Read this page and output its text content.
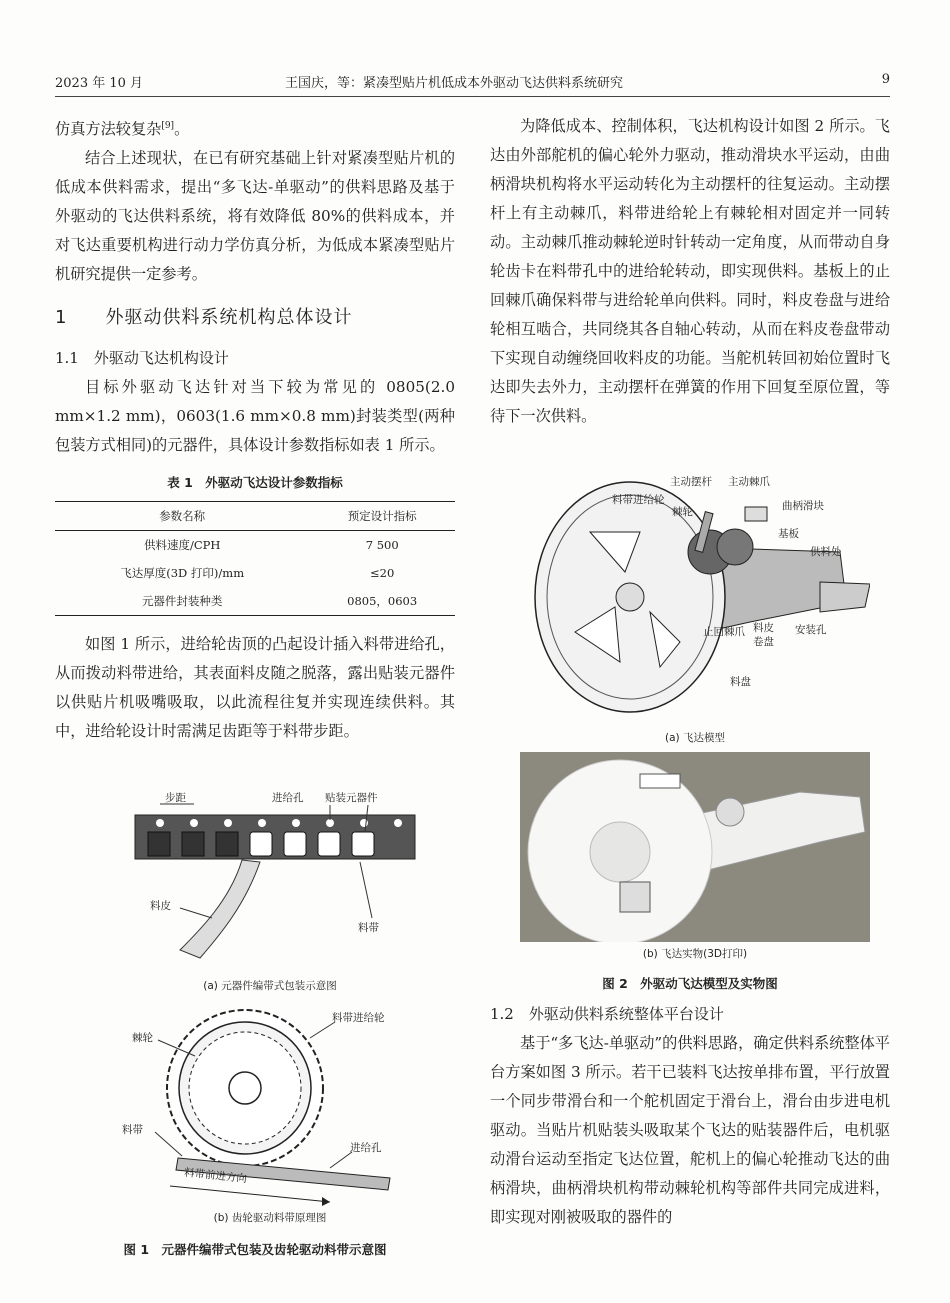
2023 年 10 月	王国庆，等：紧凑型贴片机低成本外驱动飞达供料系统研究	9

仿真方法较复杂[9]。

结合上述现状，在已有研究基础上针对紧凑型贴片机的低成本供料需求，提出“多飞达-单驱动”的供料思路及基于外驱动的飞达供料系统，将有效降低 80%的供料成本，并对飞达重要机构进行动力学仿真分析，为低成本紧凑型贴片机研究提供一定参考。

1　　 外驱动供料系统机构总体设计

1.1　外驱动飞达机构设计

目标外驱动飞达针对当下较为常见的 0805(2.0 mm×1.2 mm)，0603(1.6 mm×0.8 mm)封装类型(两种包装方式相同)的元器件，具体设计参数指标如表 1 所示。

表 1　外驱动飞达设计参数指标
参数名称	预定设计指标
供料速度/CPH	7 500
飞达厚度(3D 打印)/mm	≤20
元器件封装种类	0805，0603

如图 1 所示，进给轮齿顶的凸起设计插入料带进给孔，从而拨动料带进给，其表面料皮随之脱落，露出贴装元器件以供贴片机吸嘴吸取，以此流程往复并实现连续供料。其中，进给轮设计时需满足齿距等于料带步距。

步距	进给孔 贴装元器件
料皮
料带
(a) 元器件编带式包装示意图
棘轮
料带进给轮
料带
进给孔
料带前进方向
(b) 齿轮驱动料带原理图
图 1　元器件编带式包装及齿轮驱动料带示意图

为降低成本、控制体积，飞达机构设计如图 2 所示。飞达由外部舵机的偏心轮外力驱动，推动滑块水平运动，由曲柄滑块机构将水平运动转化为主动摆杆的往复运动。主动摆杆上有主动棘爪，料带进给轮上有棘轮相对固定并一同转动。主动棘爪推动棘轮逆时针转动一定角度，从而带动自身轮齿卡在料带孔中的进给轮转动，即实现供料。基板上的止回棘爪确保料带与进给轮单向供料。同时，料皮卷盘与进给轮相互啮合，共同绕其各自轴心转动，从而在料皮卷盘带动下实现自动缠绕回收料皮的功能。当舵机转回初始位置时飞达即失去外力，主动摆杆在弹簧的作用下回复至原位置，等待下一次供料。

主动摆杆 主动棘爪
料带进给轮
棘轮	曲柄滑块
基板
供料处
止回棘爪 料皮
卷盘
安装孔
料盘
(a) 飞达模型
(b) 飞达实物(3D打印)
图 2　外驱动飞达模型及实物图

1.2　外驱动供料系统整体平台设计

基于“多飞达-单驱动”的供料思路，确定供料系统整体平台方案如图 3 所示。若干已装料飞达按单排布置，平行放置一个同步带滑台和一个舵机固定于滑台上，滑台由步进电机驱动。当贴片机贴装头吸取某个飞达的贴装器件后，电机驱动滑台运动至指定飞达位置，舵机上的偏心轮推动飞达的曲柄滑块，曲柄滑块机构带动棘轮机构等部件共同完成进料，即实现对刚被吸取的器件的
